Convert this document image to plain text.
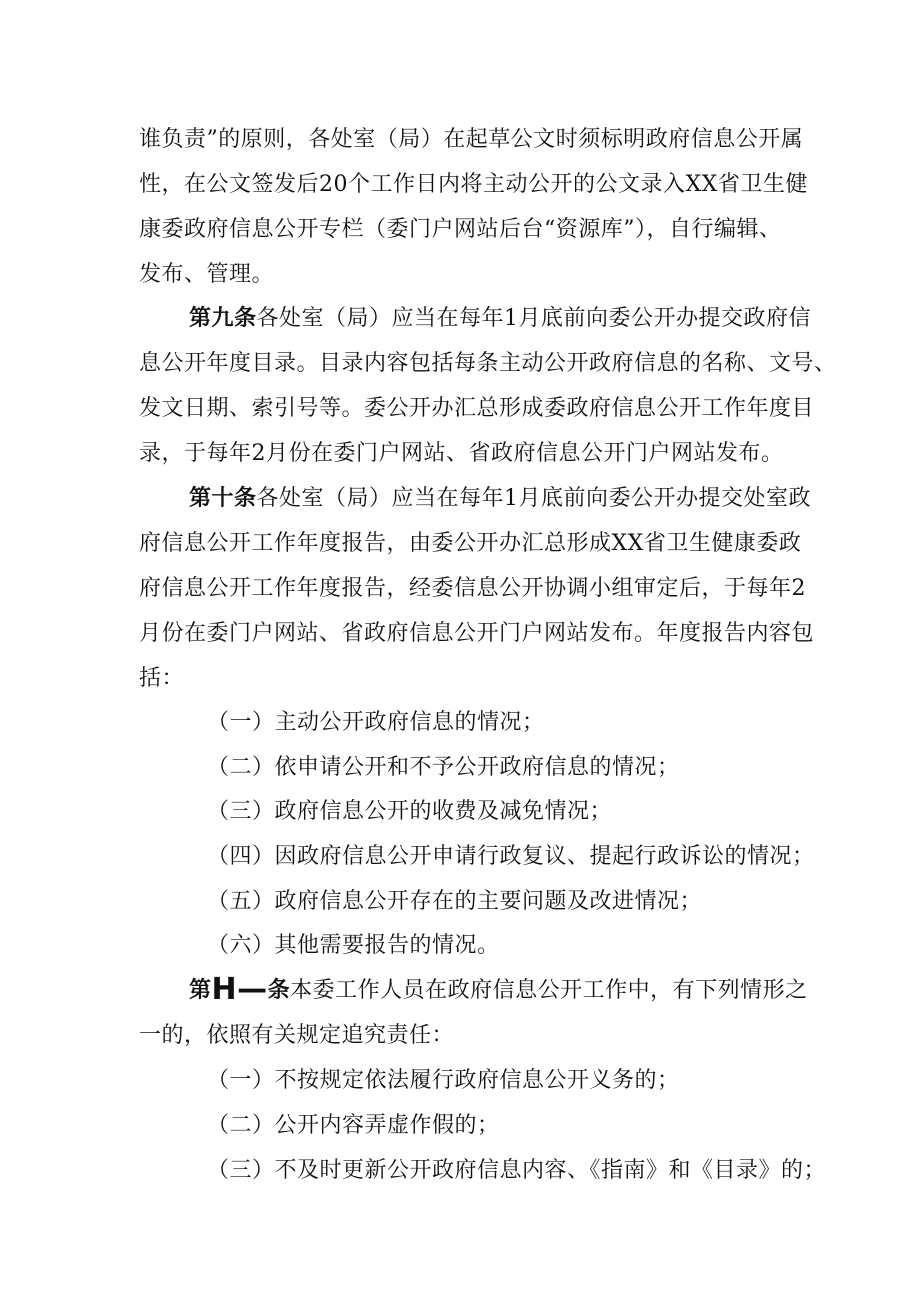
谁负责”的原则，各处室（局）在起草公文时须标明政府信息公开属
性，在公文签发后20个工作日内将主动公开的公文录入XX省卫生健
康委政府信息公开专栏（委门户网站后台“资源库”），自行编辑、
发布、管理。
第九条各处室（局）应当在每年1月底前向委公开办提交政府信
息公开年度目录。目录内容包括每条主动公开政府信息的名称、文号、
发文日期、索引号等。委公开办汇总形成委政府信息公开工作年度目
录，于每年2月份在委门户网站、省政府信息公开门户网站发布。
第十条各处室（局）应当在每年1月底前向委公开办提交处室政
府信息公开工作年度报告，由委公开办汇总形成XX省卫生健康委政
府信息公开工作年度报告，经委信息公开协调小组审定后，于每年2
月份在委门户网站、省政府信息公开门户网站发布。年度报告内容包
括：
（一）主动公开政府信息的情况；
（二）依申请公开和不予公开政府信息的情况；
（三）政府信息公开的收费及减免情况；
（四）因政府信息公开申请行政复议、提起行政诉讼的情况；
（五）政府信息公开存在的主要问题及改进情况；
（六）其他需要报告的情况。
第H—条本委工作人员在政府信息公开工作中，有下列情形之
一的，依照有关规定追究责任：
（一）不按规定依法履行政府信息公开义务的；
（二）公开内容弄虚作假的；
（三）不及时更新公开政府信息内容、《指南》和《目录》的；
